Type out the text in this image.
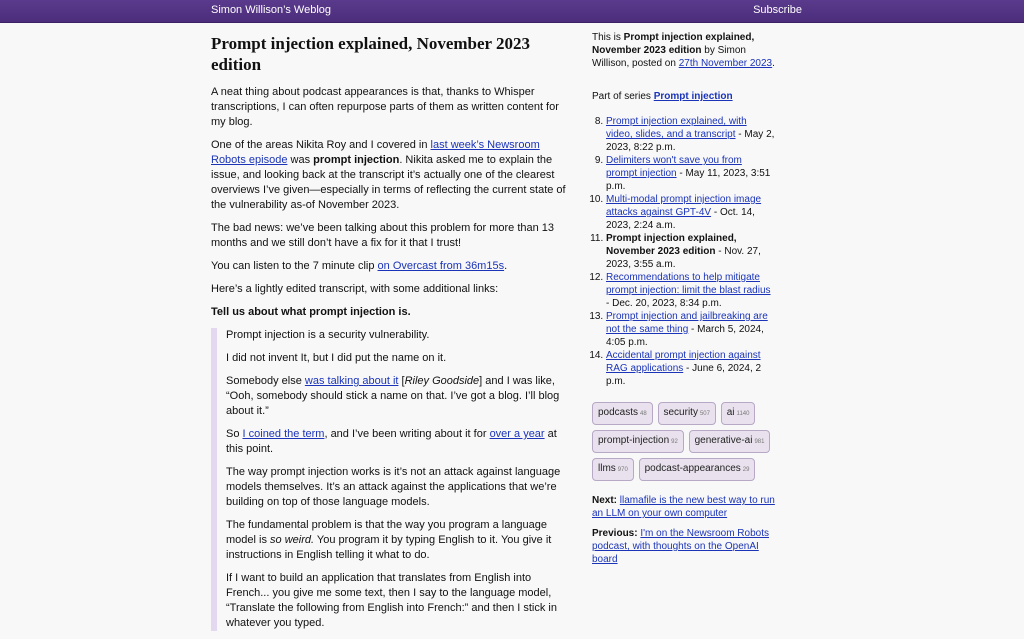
Simon Willison’s Weblog	Subscribe
Prompt injection explained, November 2023 edition

A neat thing about podcast appearances is that, thanks to Whisper transcriptions, I can often repurpose parts of them as written content for my blog.

One of the areas Nikita Roy and I covered in last week’s Newsroom Robots episode was prompt injection. Nikita asked me to explain the issue, and looking back at the transcript it’s actually one of the clearest overviews I’ve given—especially in terms of reflecting the current state of the vulnerability as-of November 2023.

The bad news: we’ve been talking about this problem for more than 13 months and we still don’t have a fix for it that I trust!

You can listen to the 7 minute clip on Overcast from 36m15s.

Here’s a lightly edited transcript, with some additional links:

Tell us about what prompt injection is.

Prompt injection is a security vulnerability.

I did not invent It, but I did put the name on it.

Somebody else was talking about it [Riley Goodside] and I was like, “Ooh, somebody should stick a name on that. I’ve got a blog. I’ll blog about it.”

So I coined the term, and I’ve been writing about it for over a year at this point.

The way prompt injection works is it’s not an attack against language models themselves. It’s an attack against the applications that we’re building on top of those language models.

The fundamental problem is that the way you program a language model is so weird. You program it by typing English to it. You give it instructions in English telling it what to do.

If I want to build an application that translates from English into French... you give me some text, then I say to the language model, “Translate the following from English into French:” and then I stick in whatever you typed.

This is Prompt injection explained, November 2023 edition by Simon Willison, posted on 27th November 2023.

Part of series Prompt injection

8. Prompt injection explained, with video, slides, and a transcript - May 2, 2023, 8:22 p.m.
9. Delimiters won't save you from prompt injection - May 11, 2023, 3:51 p.m.
10. Multi-modal prompt injection image attacks against GPT-4V - Oct. 14, 2023, 2:24 a.m.
11. Prompt injection explained, November 2023 edition - Nov. 27, 2023, 3:55 a.m.
12. Recommendations to help mitigate prompt injection: limit the blast radius - Dec. 20, 2023, 8:34 p.m.
13. Prompt injection and jailbreaking are not the same thing - March 5, 2024, 4:05 p.m.
14. Accidental prompt injection against RAG applications - June 6, 2024, 2 p.m.
podcasts 48 security 507 ai 1140 prompt-injection 92 generative-ai 981 llms 970 podcast-appearances 29

Next: llamafile is the new best way to run an LLM on your own computer

Previous: I'm on the Newsroom Robots podcast, with thoughts on the OpenAI board
